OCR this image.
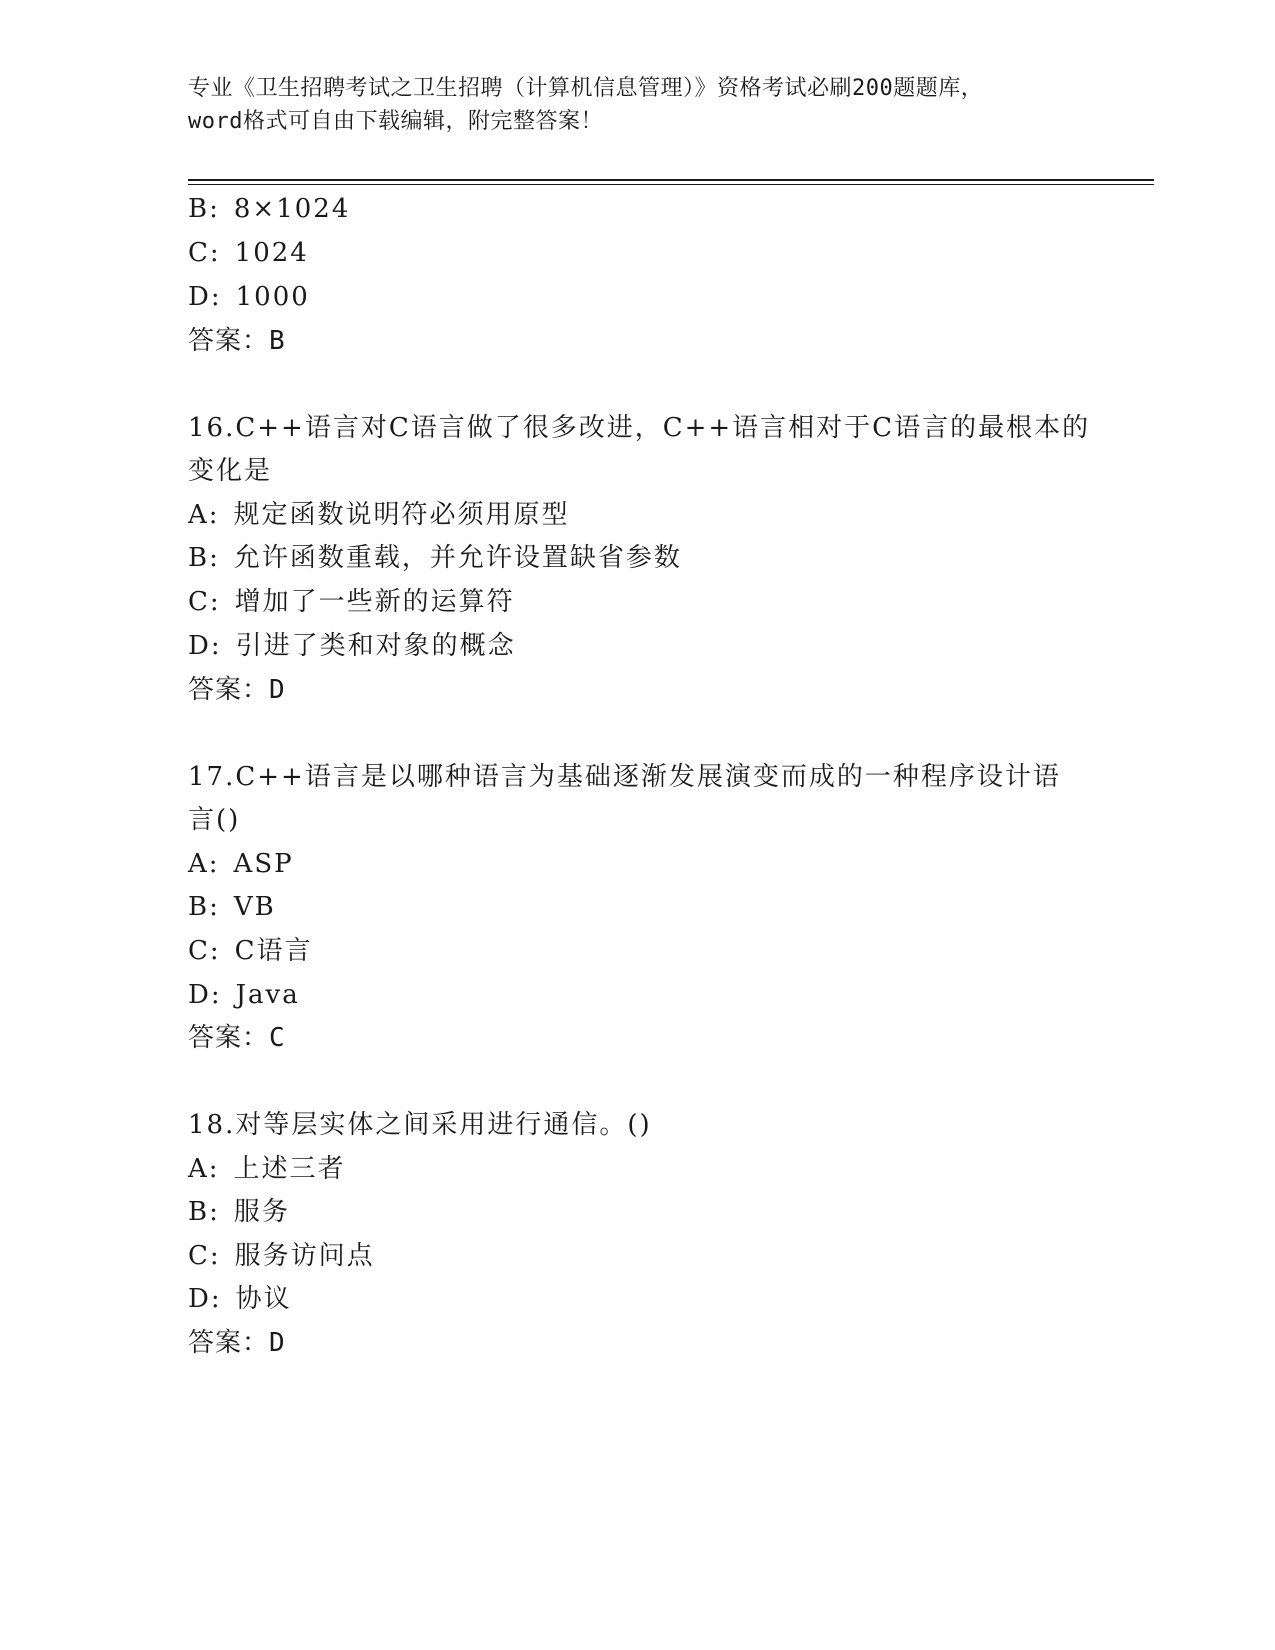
专业《卫生招聘考试之卫生招聘（计算机信息管理）》资格考试必刷200题题库，
word格式可自由下载编辑，附完整答案！
B: 8×1024
C: 1024
D: 1000
答案：B
16.C++语言对C语言做了很多改进，C++语言相对于C语言的最根本的
变化是
A: 规定函数说明符必须用原型
B: 允许函数重载，并允许设置缺省参数
C: 增加了一些新的运算符
D: 引进了类和对象的概念
答案：D
17.C++语言是以哪种语言为基础逐渐发展演变而成的一种程序设计语
言()
A: ASP
B: VB
C: C语言
D: Java
答案：C
18.对等层实体之间采用进行通信。()
A: 上述三者
B: 服务
C: 服务访问点
D: 协议
答案：D
